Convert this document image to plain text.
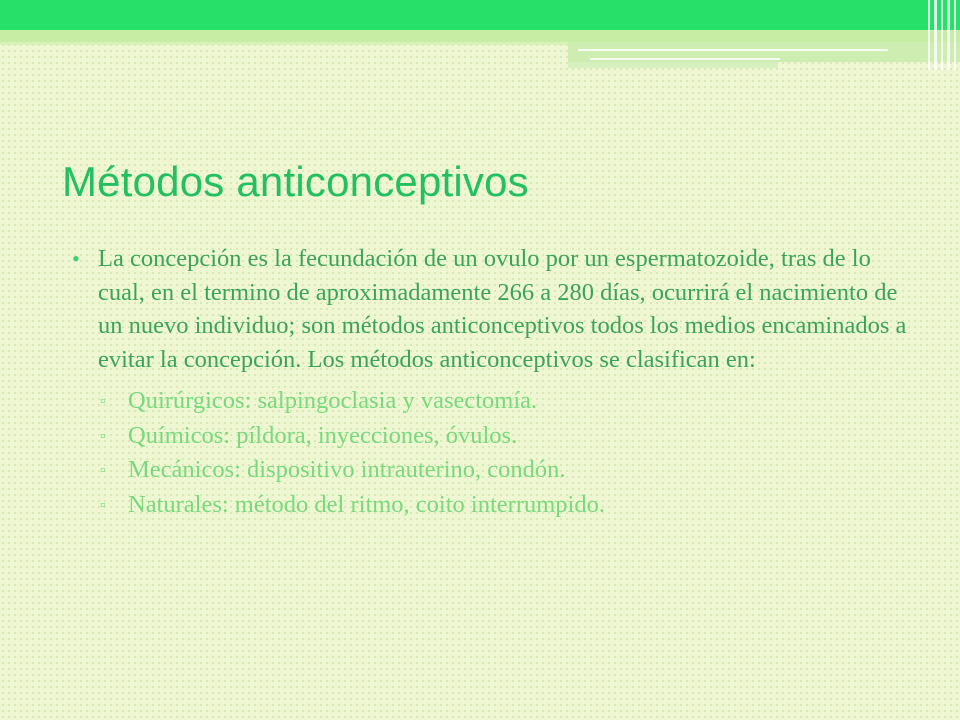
Métodos anticonceptivos
• La concepción es la fecundación de un ovulo por un espermatozoide, tras de lo cual, en el termino de aproximadamente 266 a 280 días, ocurrirá el nacimiento de un nuevo individuo; son métodos anticonceptivos todos los medios encaminados a evitar la concepción. Los métodos anticonceptivos se clasifican en:
▫ Quirúrgicos: salpingoclasia y vasectomía.
▫ Químicos: píldora, inyecciones, óvulos.
▫ Mecánicos: dispositivo intrauterino, condón.
▫ Naturales: método del ritmo, coito interrumpido.
